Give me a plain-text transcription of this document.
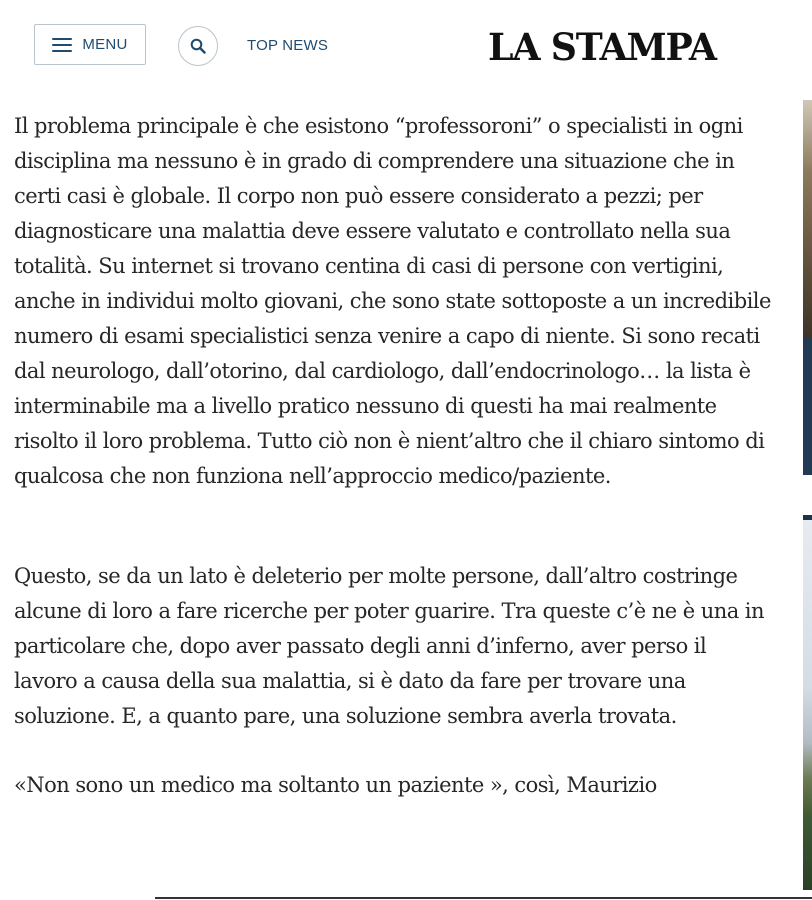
MENU	TOP NEWS	LA STAMPA

Il problema principale è che esistono “professoroni” o specialisti in ogni disciplina ma nessuno è in grado di comprendere una situazione che in certi casi è globale. Il corpo non può essere considerato a pezzi; per diagnosticare una malattia deve essere valutato e controllato nella sua totalità. Su internet si trovano centina di casi di persone con vertigini, anche in individui molto giovani, che sono state sottoposte a un incredibile numero di esami specialistici senza venire a capo di niente. Si sono recati dal neurologo, dall’otorino, dal cardiologo, dall’endocrinologo… la lista è interminabile ma a livello pratico nessuno di questi ha mai realmente risolto il loro problema. Tutto ciò non è nient’altro che il chiaro sintomo di qualcosa che non funziona nell’approccio medico/paziente.

Questo, se da un lato è deleterio per molte persone, dall’altro costringe alcune di loro a fare ricerche per poter guarire. Tra queste c’è ne è una in particolare che, dopo aver passato degli anni d’inferno, aver perso il lavoro a causa della sua malattia, si è dato da fare per trovare una soluzione. E, a quanto pare, una soluzione sembra averla trovata.

«Non sono un medico ma soltanto un paziente », così, Maurizio
